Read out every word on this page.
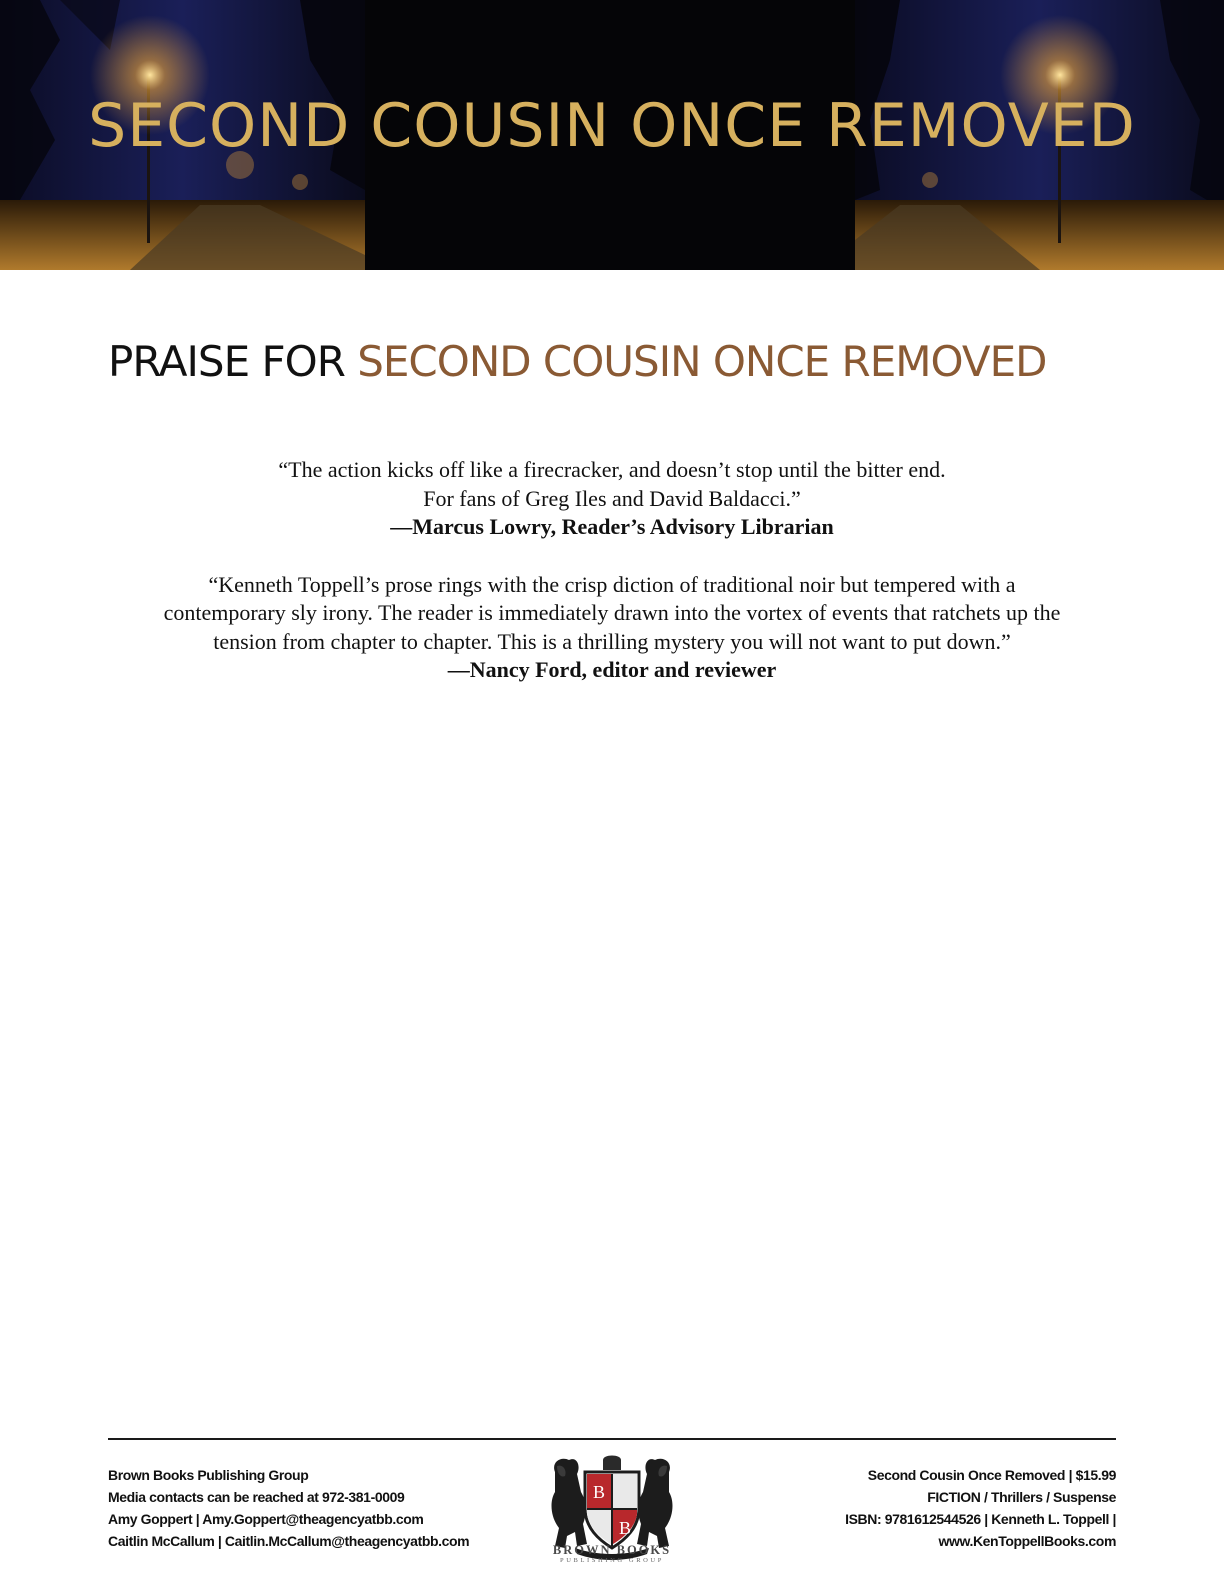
SECOND COUSIN ONCE REMOVED
PRAISE FOR SECOND COUSIN ONCE REMOVED
“The action kicks off like a firecracker, and doesn’t stop until the bitter end.
For fans of Greg Iles and David Baldacci.”
—Marcus Lowry, Reader’s Advisory Librarian
“Kenneth Toppell’s prose rings with the crisp diction of traditional noir but tempered with a
contemporary sly irony. The reader is immediately drawn into the vortex of events that ratchets up the
tension from chapter to chapter. This is a thrilling mystery you will not want to put down.”
—Nancy Ford, editor and reviewer
Brown Books Publishing Group
Media contacts can be reached at 972-381-0009
Amy Goppert | Amy.Goppert@theagencyatbb.com
Caitlin McCallum | Caitlin.McCallum@theagencyatbb.com
B
B
BROWN BOOKS
PUBLISHING GROUP
Second Cousin Once Removed | $15.99
FICTION / Thrillers / Suspense
ISBN: 9781612544526 | Kenneth L. Toppell |
www.KenToppellBooks.com
